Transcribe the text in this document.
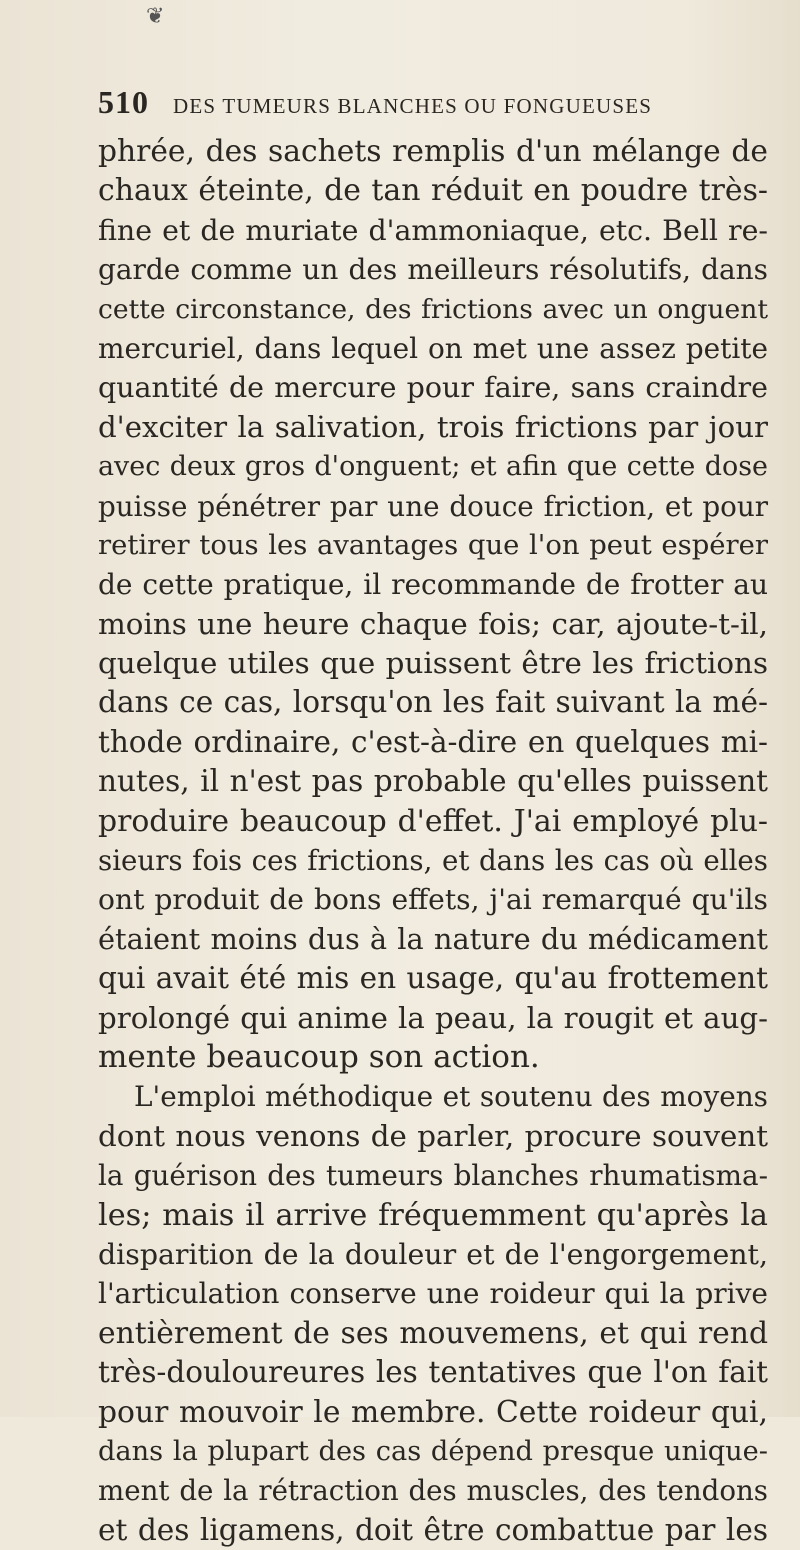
❦
510 DES TUMEURS BLANCHES OU FONGUEUSES
phrée, des sachets remplis d'un mélange de
chaux éteinte, de tan réduit en poudre très-
fine et de muriate d'ammoniaque, etc. Bell re-
garde comme un des meilleurs résolutifs, dans
cette circonstance, des frictions avec un onguent
mercuriel, dans lequel on met une assez petite
quantité de mercure pour faire, sans craindre
d'exciter la salivation, trois frictions par jour
avec deux gros d'onguent; et afin que cette dose
puisse pénétrer par une douce friction, et pour
retirer tous les avantages que l'on peut espérer
de cette pratique, il recommande de frotter au
moins une heure chaque fois; car, ajoute-t-il,
quelque utiles que puissent être les frictions
dans ce cas, lorsqu'on les fait suivant la mé-
thode ordinaire, c'est-à-dire en quelques mi-
nutes, il n'est pas probable qu'elles puissent
produire beaucoup d'effet. J'ai employé plu-
sieurs fois ces frictions, et dans les cas où elles
ont produit de bons effets, j'ai remarqué qu'ils
étaient moins dus à la nature du médicament
qui avait été mis en usage, qu'au frottement
prolongé qui anime la peau, la rougit et aug-
mente beaucoup son action.
L'emploi méthodique et soutenu des moyens
dont nous venons de parler, procure souvent
la guérison des tumeurs blanches rhumatisma-
les; mais il arrive fréquemment qu'après la
disparition de la douleur et de l'engorgement,
l'articulation conserve une roideur qui la prive
entièrement de ses mouvemens, et qui rend
très-douloureures les tentatives que l'on fait
pour mouvoir le membre. Cette roideur qui,
dans la plupart des cas dépend presque unique-
ment de la rétraction des muscles, des tendons
et des ligamens, doit être combattue par les
